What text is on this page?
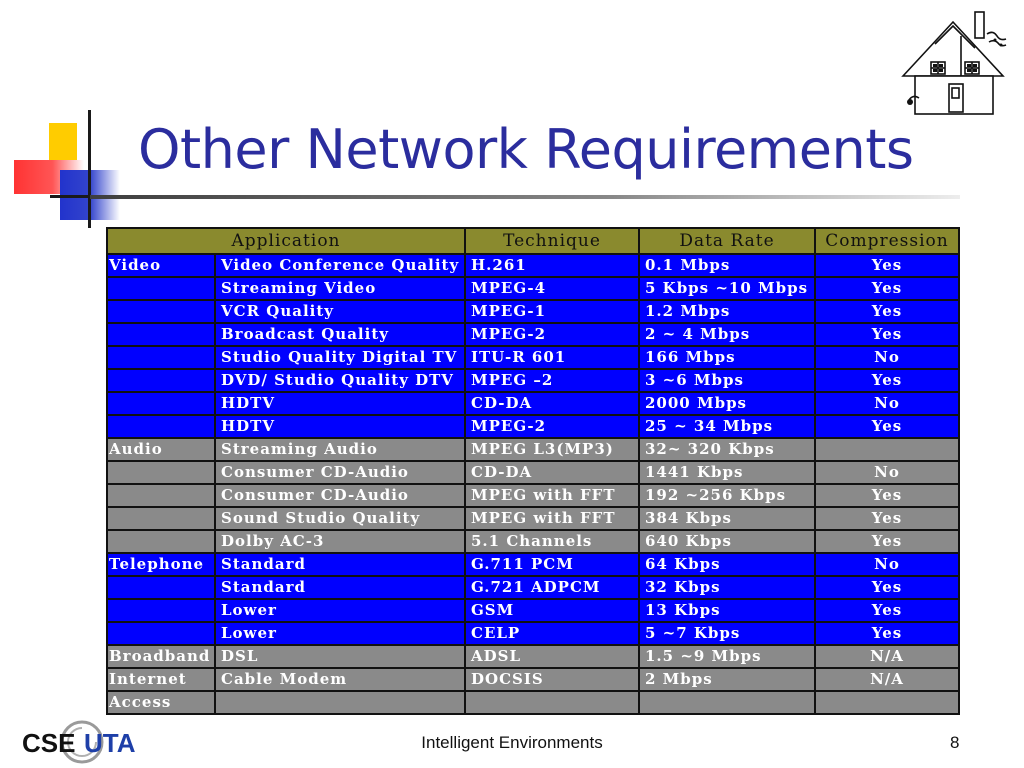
Other Network Requirements
Application		Technique	Data Rate	Compression
Video	Video Conference Quality	H.261	0.1 Mbps	Yes
	Streaming Video	MPEG-4	5 Kbps ~10 Mbps	Yes
	VCR Quality	MPEG-1	1.2 Mbps	Yes
	Broadcast Quality	MPEG-2	2 ~ 4 Mbps	Yes
	Studio Quality Digital TV	ITU-R 601	166 Mbps	No
	DVD/ Studio Quality DTV	MPEG –2	3 ~6 Mbps	Yes
	HDTV	CD-DA	2000 Mbps	No
	HDTV	MPEG-2	25 ~ 34 Mbps	Yes
Audio	Streaming Audio	MPEG L3(MP3)	32~ 320 Kbps	
	Consumer CD-Audio	CD-DA	1441 Kbps	No
	Consumer CD-Audio	MPEG with FFT	192 ~256 Kbps	Yes
	Sound Studio Quality	MPEG with FFT	384 Kbps	Yes
	Dolby AC-3	5.1 Channels	640 Kbps	Yes
Telephone	Standard	G.711 PCM	64 Kbps	No
	Standard	G.721 ADPCM	32 Kbps	Yes
	Lower	GSM	13 Kbps	Yes
	Lower	CELP	5 ~7 Kbps	Yes
Broadband	DSL	ADSL	1.5 ~9 Mbps	N/A
Internet	Cable Modem	DOCSIS	2 Mbps	N/A
Access				
CSE UTA	Intelligent Environments	8
